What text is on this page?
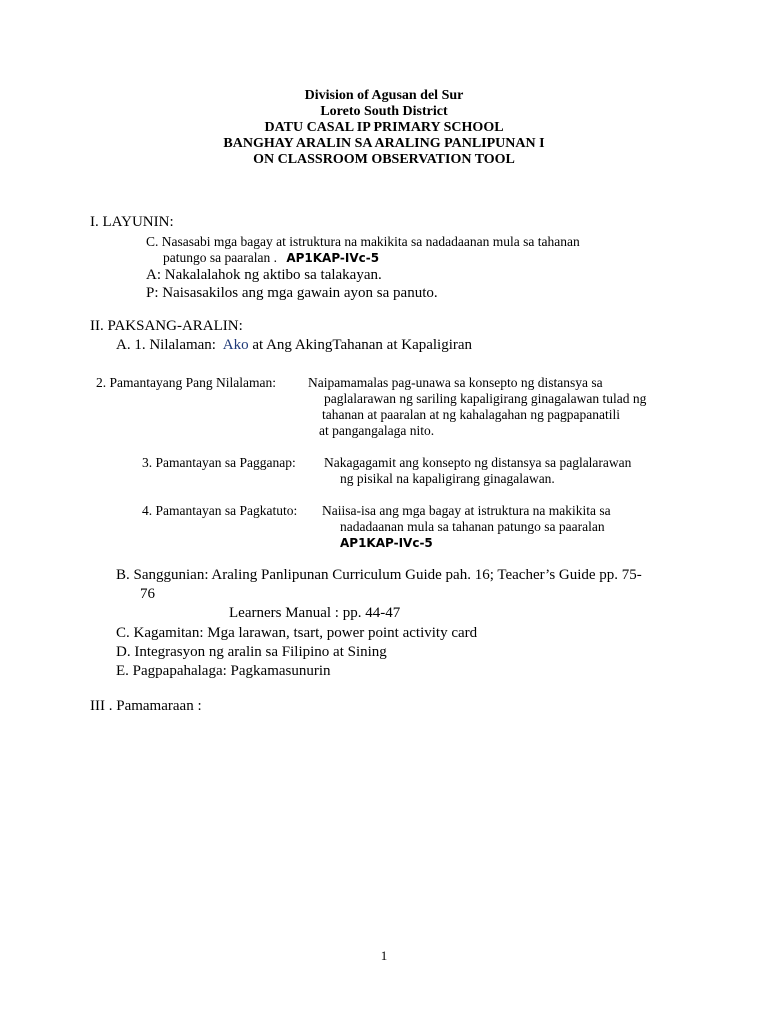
Division of Agusan del Sur
Loreto South District
DATU CASAL IP PRIMARY SCHOOL
BANGHAY ARALIN SA ARALING PANLIPUNAN I
ON CLASSROOM OBSERVATION TOOL
I. LAYUNIN:
C. Nasasabi mga bagay at istruktura na makikita sa nadadaanan mula sa tahanan
patungo sa paaralan . AP1KAP-IVc-5
A: Nakalalahok ng aktibo sa talakayan.
P: Naisasakilos ang mga gawain ayon sa panuto.
II. PAKSANG-ARALIN:
A. 1. Nilalaman: Ako at Ang AkingTahanan at Kapaligiran
2. Pamantayang Pang Nilalaman: Naipamamalas pag-unawa sa konsepto ng distansya sa
paglalarawan ng sariling kapaligirang ginagalawan tulad ng
tahanan at paaralan at ng kahalagahan ng pagpapanatili
at pangangalaga nito.
3. Pamantayan sa Pagganap: Nakagagamit ang konsepto ng distansya sa paglalarawan
ng pisikal na kapaligirang ginagalawan.
4. Pamantayan sa Pagkatuto: Naiisa-isa ang mga bagay at istruktura na makikita sa
nadadaanan mula sa tahanan patungo sa paaralan
AP1KAP-IVc-5
B. Sanggunian: Araling Panlipunan Curriculum Guide pah. 16; Teacher’s Guide pp. 75-
76
Learners Manual : pp. 44-47
C. Kagamitan: Mga larawan, tsart, power point activity card
D. Integrasyon ng aralin sa Filipino at Sining
E. Pagpapahalaga: Pagkamasunurin
III . Pamamaraan :
1
